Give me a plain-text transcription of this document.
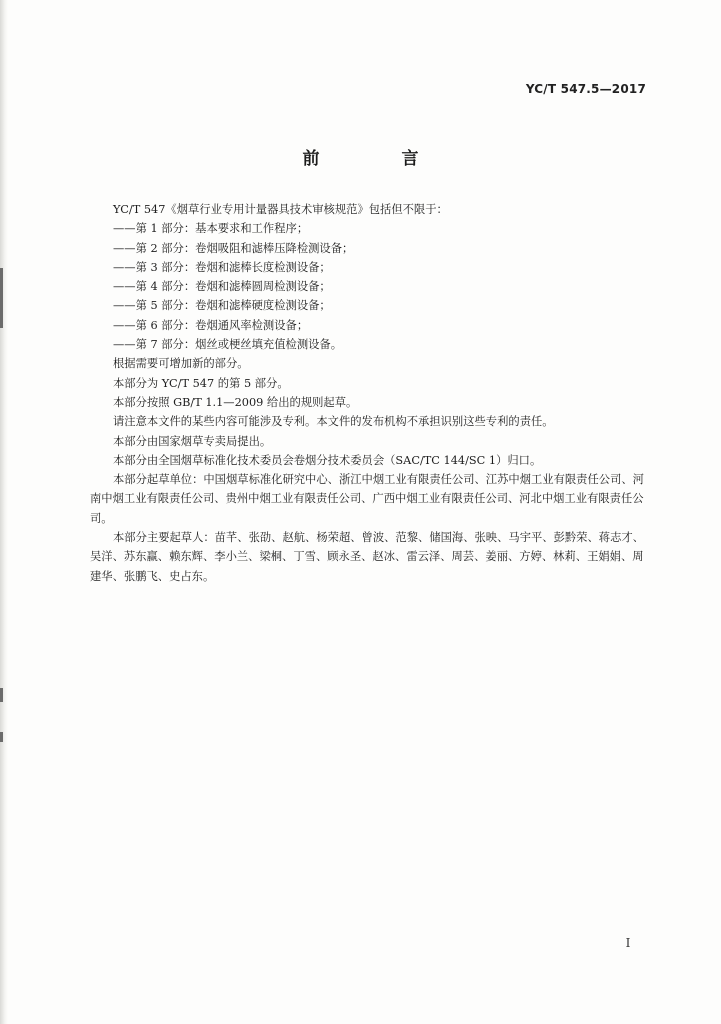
YC/T 547.5—2017
前 言

YC/T 547《烟草行业专用计量器具技术审核规范》包括但不限于：

——第 1 部分：基本要求和工作程序；

——第 2 部分：卷烟吸阻和滤棒压降检测设备；

——第 3 部分：卷烟和滤棒长度检测设备；

——第 4 部分：卷烟和滤棒圆周检测设备；

——第 5 部分：卷烟和滤棒硬度检测设备；

——第 6 部分：卷烟通风率检测设备；

——第 7 部分：烟丝或梗丝填充值检测设备。

根据需要可增加新的部分。

本部分为 YC/T 547 的第 5 部分。

本部分按照 GB/T 1.1—2009 给出的规则起草。

请注意本文件的某些内容可能涉及专利。本文件的发布机构不承担识别这些专利的责任。

本部分由国家烟草专卖局提出。

本部分由全国烟草标准化技术委员会卷烟分技术委员会（SAC/TC 144/SC 1）归口。

本部分起草单位：中国烟草标准化研究中心、浙江中烟工业有限责任公司、江苏中烟工业有限责任公司、河南中烟工业有限责任公司、贵州中烟工业有限责任公司、广西中烟工业有限责任公司、河北中烟工业有限责任公司。

本部分主要起草人：苗芊、张劭、赵航、杨荣超、曾波、范黎、储国海、张映、马宇平、彭黔荣、蒋志才、吴洋、苏东赢、赖东辉、李小兰、梁桐、丁雪、顾永圣、赵冰、雷云泽、周芸、姜丽、方婷、林莉、王娟娟、周建华、张鹏飞、史占东。

I
